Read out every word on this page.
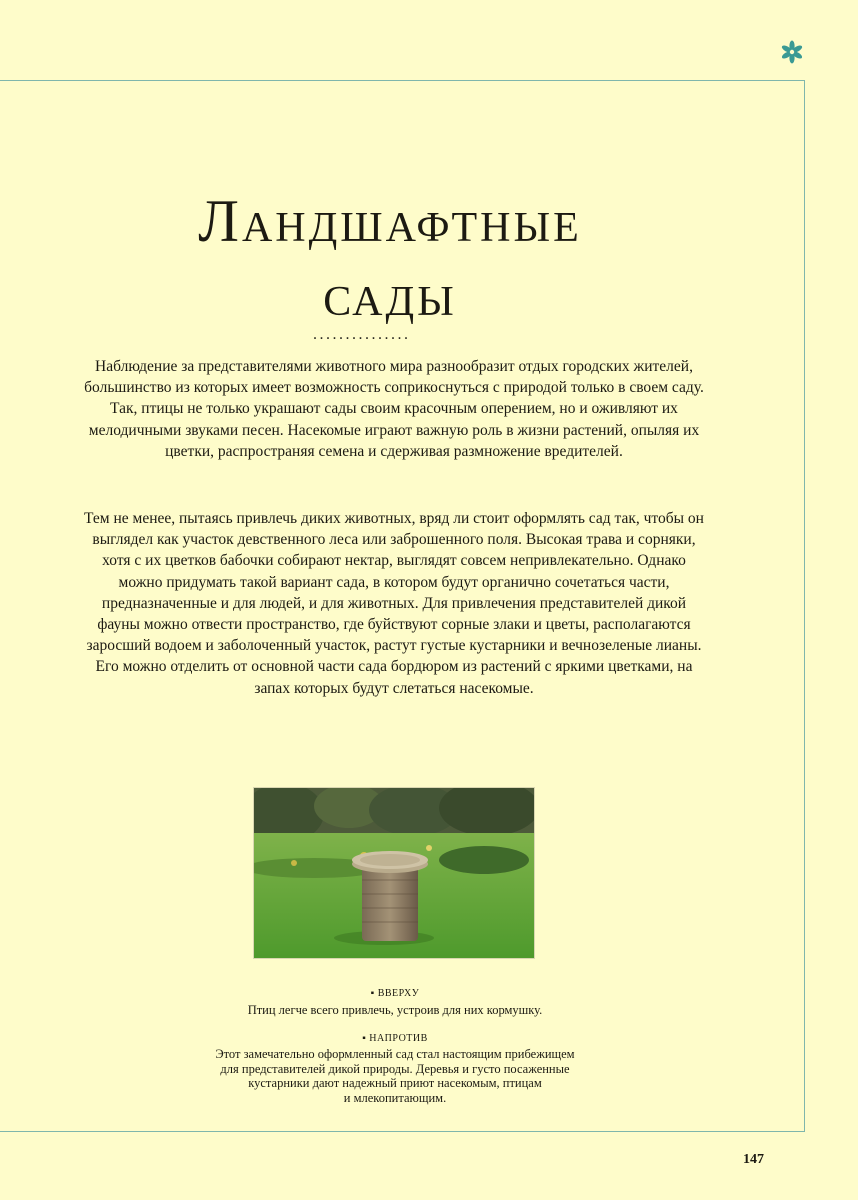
Ландшафтные
сады
...............

Наблюдение за представителями животного мира разнообразит отдых городских жителей, большинство из которых имеет возможность соприкоснуться с природой только в своем саду. Так, птицы не только украшают сады своим красочным оперением, но и оживляют их мелодичными звуками песен. Насекомые играют важную роль в жизни растений, опыляя их цветки, распространяя семена и сдерживая размножение вредителей.

Тем не менее, пытаясь привлечь диких животных, вряд ли стоит оформлять сад так, чтобы он выглядел как участок девственного леса или заброшенного поля. Высокая трава и сорняки, хотя с их цветков бабочки собирают нектар, выглядят совсем непривлекательно. Однако можно придумать такой вариант сада, в котором будут органично сочетаться части, предназначенные и для людей, и для животных. Для привлечения представителей дикой фауны можно отвести пространство, где буйствуют сорные злаки и цветы, располагаются заросший водоем и заболоченный участок, растут густые кустарники и вечнозеленые лианы. Его можно отделить от основной части сада бордюром из растений с яркими цветками, на запах которых будут слетаться насекомые.

▪ ВВЕРХУ
Птиц легче всего привлечь, устроив для них кормушку.
▪ НАПРОТИВ
Этот замечательно оформленный сад стал настоящим прибежищем
для представителей дикой природы. Деревья и густо посаженные
кустарники дают надежный приют насекомым, птицам
и млекопитающим.
147
